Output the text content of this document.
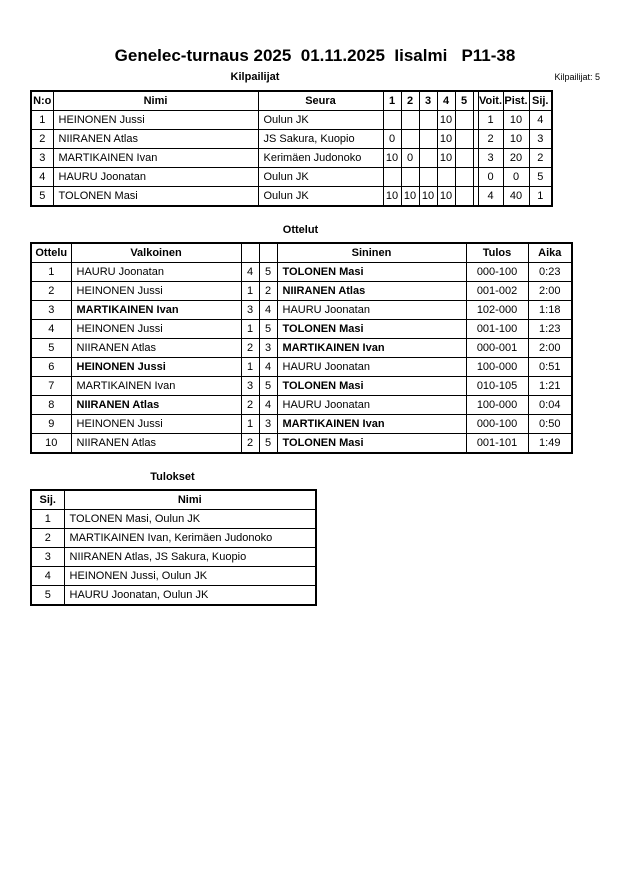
Genelec-turnaus 2025  01.11.2025  Iisalmi   P11-38
Kilpailijat	Kilpailijat: 5
N:o	Nimi	Seura	1	2	3	4	5		Voit.	Pist.	Sij.
1	HEINONEN Jussi	Oulun JK				10			1	10	4
2	NIIRANEN Atlas	JS Sakura, Kuopio	0			10			2	10	3
3	MARTIKAINEN Ivan	Kerimäen Judonoko	10	0		10			3	20	2
4	HAURU Joonatan	Oulun JK							0	0	5
5	TOLONEN Masi	Oulun JK	10	10	10	10			4	40	1
Ottelut
Ottelu	Valkoinen			Sininen	Tulos	Aika
1	HAURU Joonatan	4	5	TOLONEN Masi	000-100	0:23
2	HEINONEN Jussi	1	2	NIIRANEN Atlas	001-002	2:00
3	MARTIKAINEN Ivan	3	4	HAURU Joonatan	102-000	1:18
4	HEINONEN Jussi	1	5	TOLONEN Masi	001-100	1:23
5	NIIRANEN Atlas	2	3	MARTIKAINEN Ivan	000-001	2:00
6	HEINONEN Jussi	1	4	HAURU Joonatan	100-000	0:51
7	MARTIKAINEN Ivan	3	5	TOLONEN Masi	010-105	1:21
8	NIIRANEN Atlas	2	4	HAURU Joonatan	100-000	0:04
9	HEINONEN Jussi	1	3	MARTIKAINEN Ivan	000-100	0:50
10	NIIRANEN Atlas	2	5	TOLONEN Masi	001-101	1:49
Tulokset
Sij.	Nimi
1	TOLONEN Masi, Oulun JK
2	MARTIKAINEN Ivan, Kerimäen Judonoko
3	NIIRANEN Atlas, JS Sakura, Kuopio
4	HEINONEN Jussi, Oulun JK
5	HAURU Joonatan, Oulun JK
